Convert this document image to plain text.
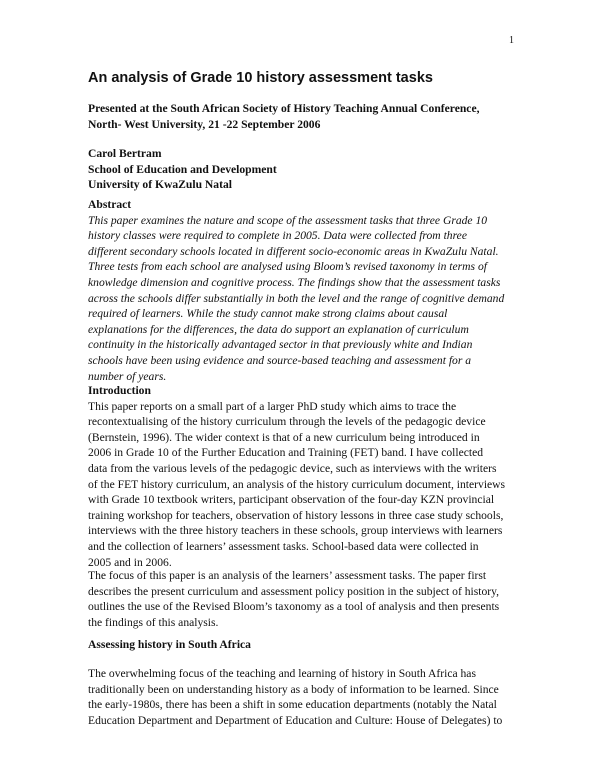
1
An analysis of Grade 10 history assessment tasks
Presented at the South African Society of History Teaching Annual Conference,
North- West University, 21 -22 September 2006
Carol Bertram
School of Education and Development
University of KwaZulu Natal
Abstract
This paper examines the nature and scope of the assessment tasks that three Grade 10
history classes were required to complete in 2005. Data were collected from three
different secondary schools located in different socio-economic areas in KwaZulu Natal.
Three tests from each school are analysed using Bloom’s revised taxonomy in terms of
knowledge dimension and cognitive process. The findings show that the assessment tasks
across the schools differ substantially in both the level and the range of cognitive demand
required of learners. While the study cannot make strong claims about causal
explanations for the differences, the data do support an explanation of curriculum
continuity in the historically advantaged sector in that previously white and Indian
schools have been using evidence and source-based teaching and assessment for a
number of years.
Introduction
This paper reports on a small part of a larger PhD study which aims to trace the
recontextualising of the history curriculum through the levels of the pedagogic device
(Bernstein, 1996). The wider context is that of a new curriculum being introduced in
2006 in Grade 10 of the Further Education and Training (FET) band. I have collected
data from the various levels of the pedagogic device, such as interviews with the writers
of the FET history curriculum, an analysis of the history curriculum document, interviews
with Grade 10 textbook writers, participant observation of the four-day KZN provincial
training workshop for teachers, observation of history lessons in three case study schools,
interviews with the three history teachers in these schools, group interviews with learners
and the collection of learners’ assessment tasks. School-based data were collected in
2005 and in 2006.
The focus of this paper is an analysis of the learners’ assessment tasks. The paper first
describes the present curriculum and assessment policy position in the subject of history,
outlines the use of the Revised Bloom’s taxonomy as a tool of analysis and then presents
the findings of this analysis.
Assessing history in South Africa
The overwhelming focus of the teaching and learning of history in South Africa has
traditionally been on understanding history as a body of information to be learned. Since
the early-1980s, there has been a shift in some education departments (notably the Natal
Education Department and Department of Education and Culture: House of Delegates) to
